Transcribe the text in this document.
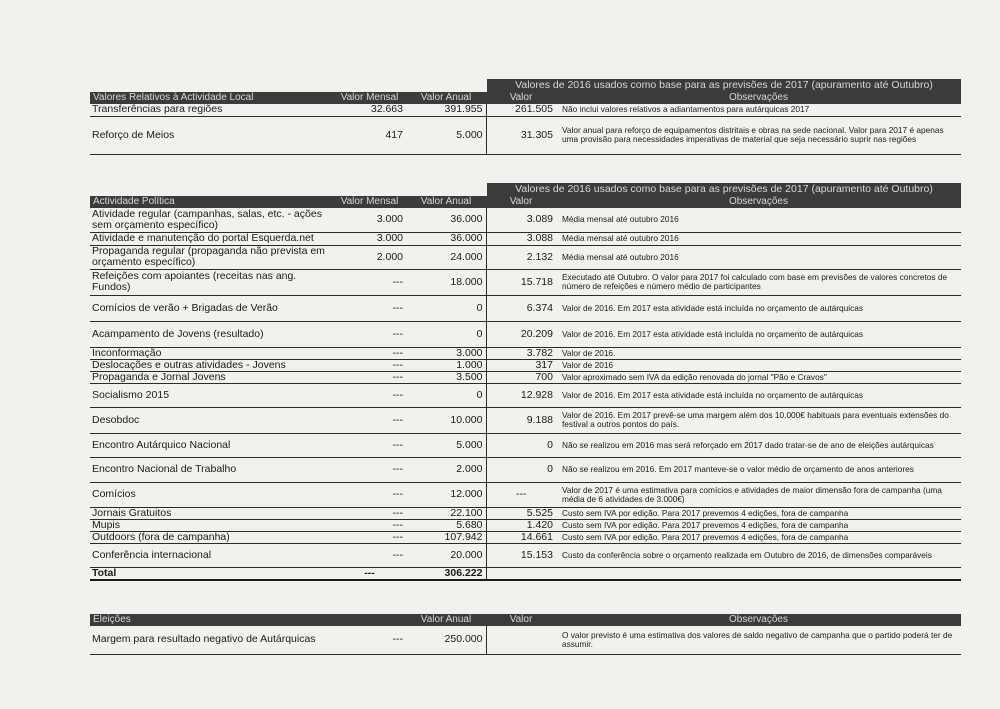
Valores de 2016 usados como base para as previsões de 2017 (apuramento até Outubro)
Valores Relativos à Actividade Local	Valor Mensal	Valor Anual	Valor	Observações
Transferências para regiões	32.663	391.955	261.505	Não inclui valores relativos a adiantamentos para autárquicas 2017
Reforço de Meios	417	5.000	31.305	Valor anual para reforço de equipamentos distritais e obras na sede nacional. Valor para 2017 é apenas uma provisão para necessidades imperativas de material que seja necessário suprir nas regiões
Valores de 2016 usados como base para as previsões de 2017 (apuramento até Outubro)
Actividade Política	Valor Mensal	Valor Anual	Valor	Observações
Atividade regular (campanhas, salas, etc. - ações sem orçamento específico)	3.000	36.000	3.089	Média mensal até outubro 2016
Atividade e manutenção do portal Esquerda.net	3.000	36.000	3.088	Média mensal até outubro 2016
Propaganda regular (propaganda não prevista em orçamento específico)	2.000	24.000	2.132	Média mensal até outubro 2016
Refeições com apoiantes (receitas nas ang. Fundos)	---	18.000	15.718	Executado até Outubro. O valor para 2017 foi calculado com base em previsões de valores concretos de número de refeições e número médio de participantes
Comícios de verão + Brigadas de Verão	---	0	6.374	Valor de 2016. Em 2017 esta atividade está incluída no orçamento de autárquicas
Acampamento de Jovens (resultado)	---	0	20.209	Valor de 2016. Em 2017 esta atividade está incluída no orçamento de autárquicas
Inconformação	---	3.000	3.782	Valor de 2016.
Deslocações e outras atividades - Jovens	---	1.000	317	Valor de 2016
Propaganda e Jornal Jovens	---	3.500	700	Valor aproximado sem IVA da edição renovada do jornal "Pão e Cravos"
Socialismo 2015	---	0	12.928	Valor de 2016. Em 2017 esta atividade está incluída no orçamento de autárquicas
Desobdoc	---	10.000	9.188	Valor de 2016. Em 2017 prevê-se uma margem além dos 10.000€ habituais para eventuais extensões do festival a outros pontos do país.
Encontro Autárquico Nacional	---	5.000	0	Não se realizou em 2016 mas será reforçado em 2017 dado tratar-se de ano de eleições autárquicas
Encontro Nacional de Trabalho	---	2.000	0	Não se realizou em 2016. Em 2017 manteve-se o valor médio de orçamento de anos anteriores
Comícios	---	12.000	---	Valor de 2017 é uma estimativa para comícios e atividades de maior dimensão fora de campanha (uma média de 6 atividades de 3.000€)
Jornais Gratuitos	---	22.100	5.525	Custo sem IVA por edição. Para 2017 prevemos 4 edições, fora de campanha
Mupis	---	5.680	1.420	Custo sem IVA por edição. Para 2017 prevemos 4 edições, fora de campanha
Outdoors (fora de campanha)	---	107.942	14.661	Custo sem IVA por edição. Para 2017 prevemos 4 edições, fora de campanha
Conferência internacional	---	20.000	15.153	Custo da conferência sobre o orçamento realizada em Outubro de 2016, de dimensões comparáveis
Total	---	306.222		
Eleições		Valor Anual	Valor	Observações
Margem para resultado negativo de Autárquicas	---	250.000		O valor previsto é uma estimativa dos valores de saldo negativo de campanha que o partido poderá ter de assumir.
